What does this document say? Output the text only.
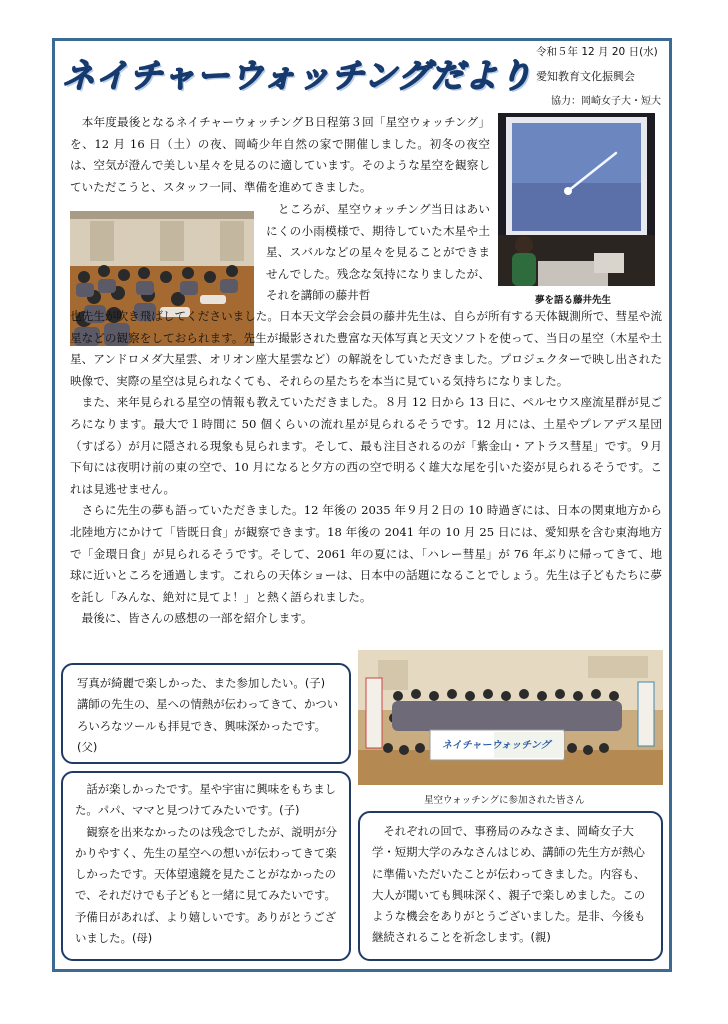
ネイチャーウォッチングだより
令和５年 12 月 20 日(水)
愛知教育文化振興会
協力：岡崎女子大・短大
夢を語る藤井先生

　本年度最後となるネイチャーウォッチングＢ日程第３回「星空ウォッチング」を、12 月 16 日（土）の夜、岡崎少年自然の家で開催しました。初冬の夜空は、空気が澄んで美しい星々を見るのに適しています。そのような星空を観察していただこうと、スタッフ一同、準備を進めてきました。

　ところが、星空ウォッチング当日はあいにくの小雨模様で、期待していた木星や土星、スバルなどの星々を見ることができませんでした。残念な気持になりましたが、それを講師の藤井哲

也先生が吹き飛ばしてくださいました。日本天文学会会員の藤井先生は、自らが所有する天体観測所で、彗星や流星などの観察をしておられます。先生が撮影された豊富な天体写真と天文ソフトを使って、当日の星空（木星や土星、アンドロメダ大星雲、オリオン座大星雲など）の解説をしていただきました。プロジェクターで映し出された映像で、実際の星空は見られなくても、それらの星たちを本当に見ている気持ちになりました。
　また、来年見られる星空の情報も教えていただきました。８月 12 日から 13 日に、ペルセウス座流星群が見ごろになります。最大で１時間に 50 個くらいの流れ星が見られるそうです。12 月には、土星やプレアデス星団（すばる）が月に隠される現象も見られます。そして、最も注目されるのが「紫金山・アトラス彗星」です。９月下旬には夜明け前の東の空で、10 月になると夕方の西の空で明るく雄大な尾を引いた姿が見られるそうです。これは見逃せません。
　さらに先生の夢も語っていただきました。12 年後の 2035 年９月２日の 10 時過ぎには、日本の関東地方から北陸地方にかけて「皆既日食」が観察できます。18 年後の 2041 年の 10 月 25 日には、愛知県を含む東海地方で「金環日食」が見られるそうです。そして、2061 年の夏には、「ハレー彗星」が 76 年ぶりに帰ってきて、地球に近いところを通過します。これらの天体ショーは、日本中の話題になることでしょう。先生は子どもたちに夢を託し「みんな、絶対に見てよ！」と熱く語られました。
　最後に、皆さんの感想の一部を紹介します。

ネイチャーウォッチング
星空ウォッチングに参加された皆さん

写真が綺麗で楽しかった、また参加したい。(子)
講師の先生の、星への情熱が伝わってきて、かついろいろなツールも拝見でき、興味深かったです。(父)

　話が楽しかったです。星や宇宙に興味をもちました。パパ、ママと見つけてみたいです。(子)
　観察を出来なかったのは残念でしたが、説明が分かりやすく、先生の星空への想いが伝わってきて楽しかったです。天体望遠鏡を見たことがなかったので、それだけでも子どもと一緒に見てみたいです。予備日があれば、より嬉しいです。ありがとうございました。(母)

　それぞれの回で、事務局のみなさま、岡崎女子大学・短期大学のみなさんはじめ、講師の先生方が熱心に準備いただいたことが伝わってきました。内容も、大人が聞いても興味深く、親子で楽しめました。このような機会をありがとうございました。是非、今後も継続されることを祈念します。(親)
